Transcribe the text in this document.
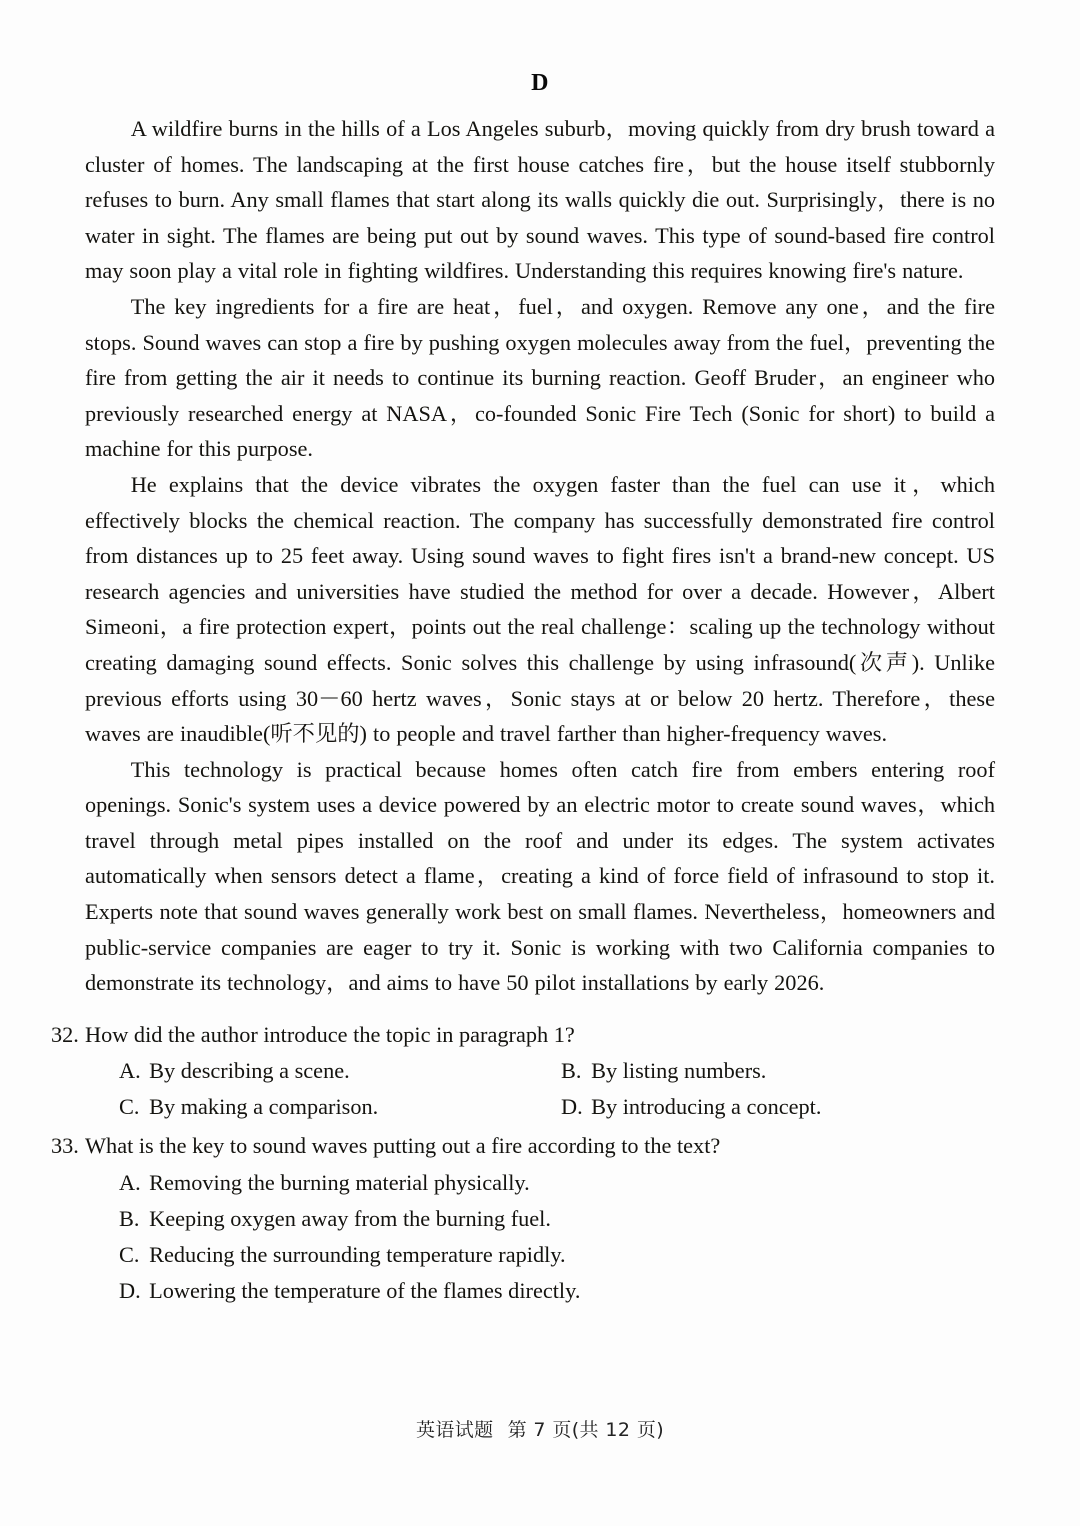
D

A wildfire burns in the hills of a Los Angeles suburb，moving quickly from dry brush toward a cluster of homes. The landscaping at the first house catches fire，but the house itself stubbornly refuses to burn. Any small flames that start along its walls quickly die out. Surprisingly，there is no water in sight. The flames are being put out by sound waves. This type of sound-based fire control may soon play a vital role in fighting wildfires. Understanding this requires knowing fire's nature.

The key ingredients for a fire are heat，fuel，and oxygen. Remove any one，and the fire stops. Sound waves can stop a fire by pushing oxygen molecules away from the fuel，preventing the fire from getting the air it needs to continue its burning reaction. Geoff Bruder，an engineer who previously researched energy at NASA，co-founded Sonic Fire Tech (Sonic for short) to build a machine for this purpose.

He explains that the device vibrates the oxygen faster than the fuel can use it，which effectively blocks the chemical reaction. The company has successfully demonstrated fire control from distances up to 25 feet away. Using sound waves to fight fires isn't a brand-new concept. US research agencies and universities have studied the method for over a decade. However，Albert Simeoni，a fire protection expert，points out the real challenge：scaling up the technology without creating damaging sound effects. Sonic solves this challenge by using infrasound(次声). Unlike previous efforts using 30－60 hertz waves，Sonic stays at or below 20 hertz. Therefore，these waves are inaudible(听不见的) to people and travel farther than higher-frequency waves.

This technology is practical because homes often catch fire from embers entering roof openings. Sonic's system uses a device powered by an electric motor to create sound waves，which travel through metal pipes installed on the roof and under its edges. The system activates automatically when sensors detect a flame，creating a kind of force field of infrasound to stop it. Experts note that sound waves generally work best on small flames. Nevertheless，homeowners and public-service companies are eager to try it. Sonic is working with two California companies to demonstrate its technology，and aims to have 50 pilot installations by early 2026.

32. How did the author introduce the topic in paragraph 1?
A. By describing a scene.	B. By listing numbers.
C. By making a comparison.	D. By introducing a concept.
33. What is the key to sound waves putting out a fire according to the text?
A. Removing the burning material physically.
B. Keeping oxygen away from the burning fuel.
C. Reducing the surrounding temperature rapidly.
D. Lowering the temperature of the flames directly.
英语试题 第 7 页(共 12 页)
